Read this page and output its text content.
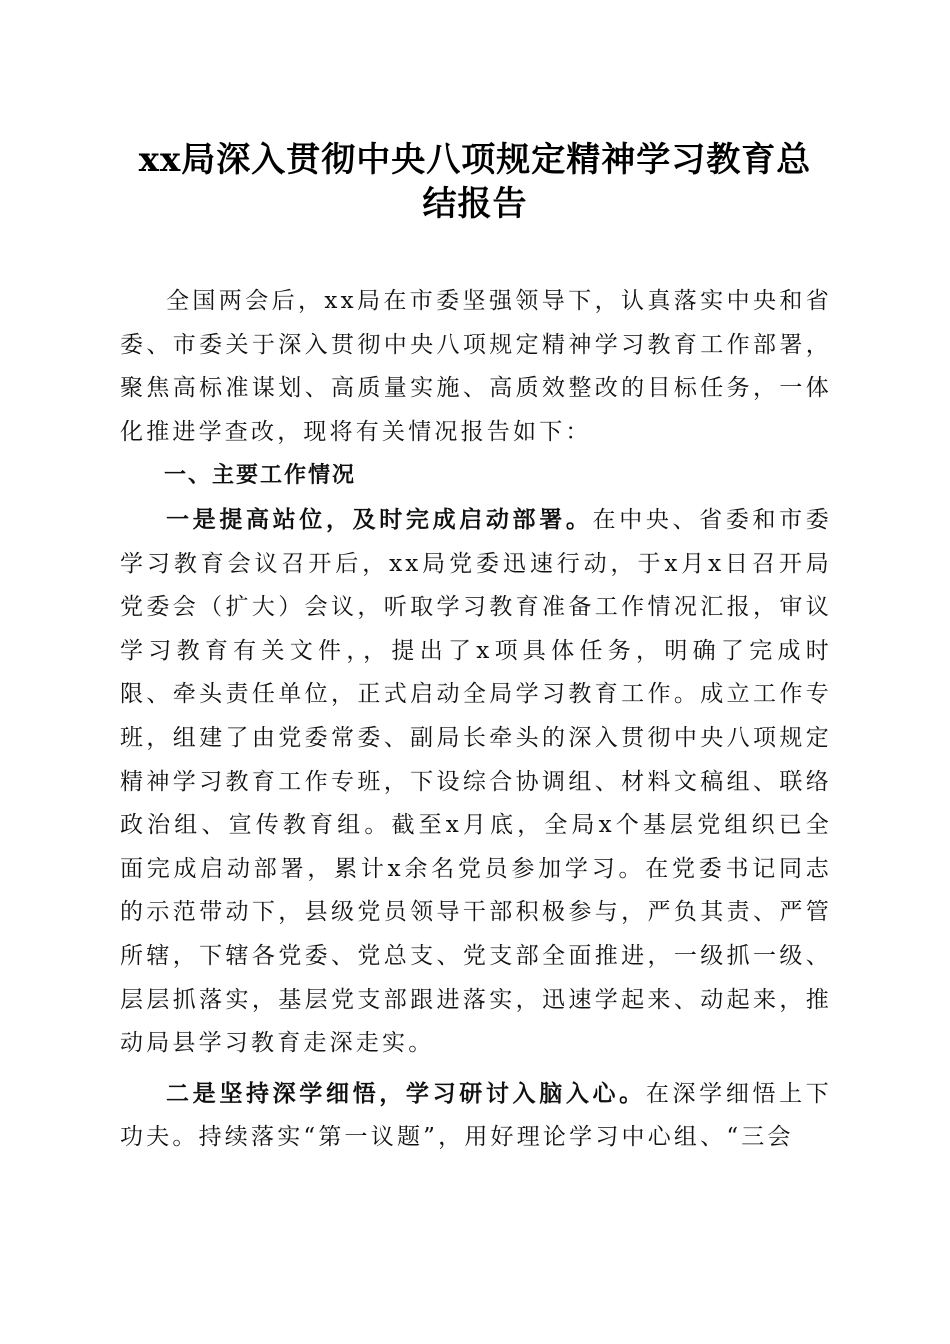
xx局深入贯彻中央八项规定精神学习教育总
结报告

全国两会后，xx局在市委坚强领导下，认真落实中央和省委、市委关于深入贯彻中央八项规定精神学习教育工作部署，聚焦高标准谋划、高质量实施、高质效整改的目标任务，一体化推进学查改，现将有关情况报告如下：

一、主要工作情况

一是提高站位，及时完成启动部署。在中央、省委和市委学习教育会议召开后，xx局党委迅速行动，于x月x日召开局党委会（扩大）会议，听取学习教育准备工作情况汇报，审议学习教育有关文件，，提出了x项具体任务，明确了完成时限、牵头责任单位，正式启动全局学习教育工作。成立工作专班，组建了由党委常委、副局长牵头的深入贯彻中央八项规定精神学习教育工作专班，下设综合协调组、材料文稿组、联络政治组、宣传教育组。截至x月底，全局x个基层党组织已全面完成启动部署，累计x余名党员参加学习。在党委书记同志的示范带动下，县级党员领导干部积极参与，严负其责、严管所辖，下辖各党委、党总支、党支部全面推进，一级抓一级、层层抓落实，基层党支部跟进落实，迅速学起来、动起来，推动局县学习教育走深走实。

二是坚持深学细悟，学习研讨入脑入心。在深学细悟上下功夫。持续落实“第一议题”，用好理论学习中心组、“三会
